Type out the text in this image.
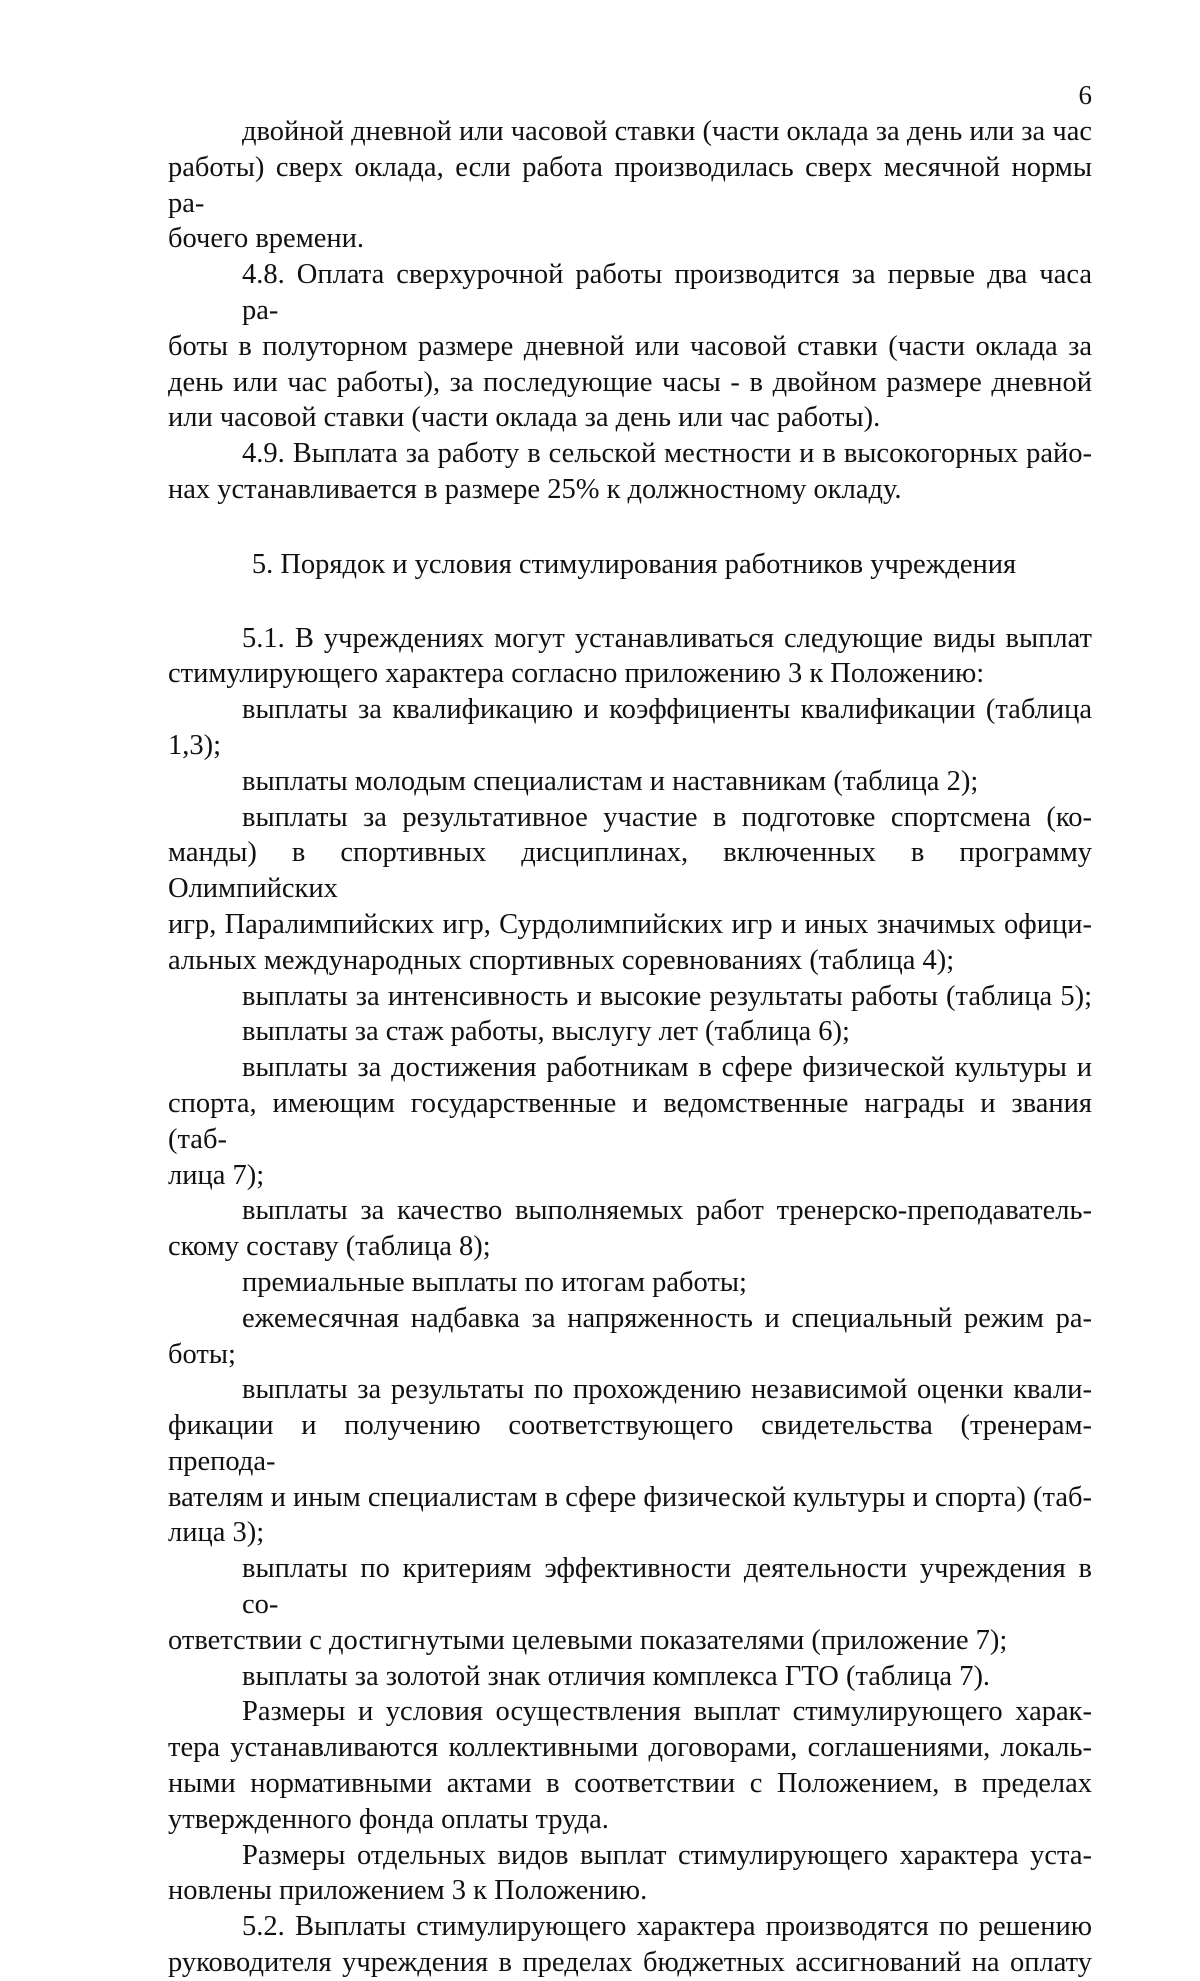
6
двойной дневной или часовой ставки (части оклада за день или за час
работы) сверх оклада, если работа производилась сверх месячной нормы ра-
бочего времени.
4.8. Оплата сверхурочной работы производится за первые два часа ра-
боты в полуторном размере дневной или часовой ставки (части оклада за
день или час работы), за последующие часы - в двойном размере дневной
или часовой ставки (части оклада за день или час работы).
4.9. Выплата за работу в сельской местности и в высокогорных райо-
нах устанавливается в размере 25% к должностному окладу.
5. Порядок и условия стимулирования работников учреждения
5.1. В учреждениях могут устанавливаться следующие виды выплат
стимулирующего характера согласно приложению 3 к Положению:
выплаты за квалификацию и коэффициенты квалификации (таблица
1,3);
выплаты молодым специалистам и наставникам (таблица 2);
выплаты за результативное участие в подготовке спортсмена (ко-
манды) в спортивных дисциплинах, включенных в программу Олимпийских
игр, Паралимпийских игр, Сурдолимпийских игр и иных значимых офици-
альных международных спортивных соревнованиях (таблица 4);
выплаты за интенсивность и высокие результаты работы (таблица 5);
выплаты за стаж работы, выслугу лет (таблица 6);
выплаты за достижения работникам в сфере физической культуры и
спорта, имеющим государственные и ведомственные награды и звания (таб-
лица 7);
выплаты за качество выполняемых работ тренерско-преподаватель-
скому составу (таблица 8);
премиальные выплаты по итогам работы;
ежемесячная надбавка за напряженность и специальный режим ра-
боты;
выплаты за результаты по прохождению независимой оценки квали-
фикации и получению соответствующего свидетельства (тренерам-препода-
вателям и иным специалистам в сфере физической культуры и спорта) (таб-
лица 3);
выплаты по критериям эффективности деятельности учреждения в со-
ответствии с достигнутыми целевыми показателями (приложение 7);
выплаты за золотой знак отличия комплекса ГТО (таблица 7).
Размеры и условия осуществления выплат стимулирующего харак-
тера устанавливаются коллективными договорами, соглашениями, локаль-
ными нормативными актами в соответствии с Положением, в пределах
утвержденного фонда оплаты труда.
Размеры отдельных видов выплат стимулирующего характера уста-
новлены приложением 3 к Положению.
5.2. Выплаты стимулирующего характера производятся по решению
руководителя учреждения в пределах бюджетных ассигнований на оплату
